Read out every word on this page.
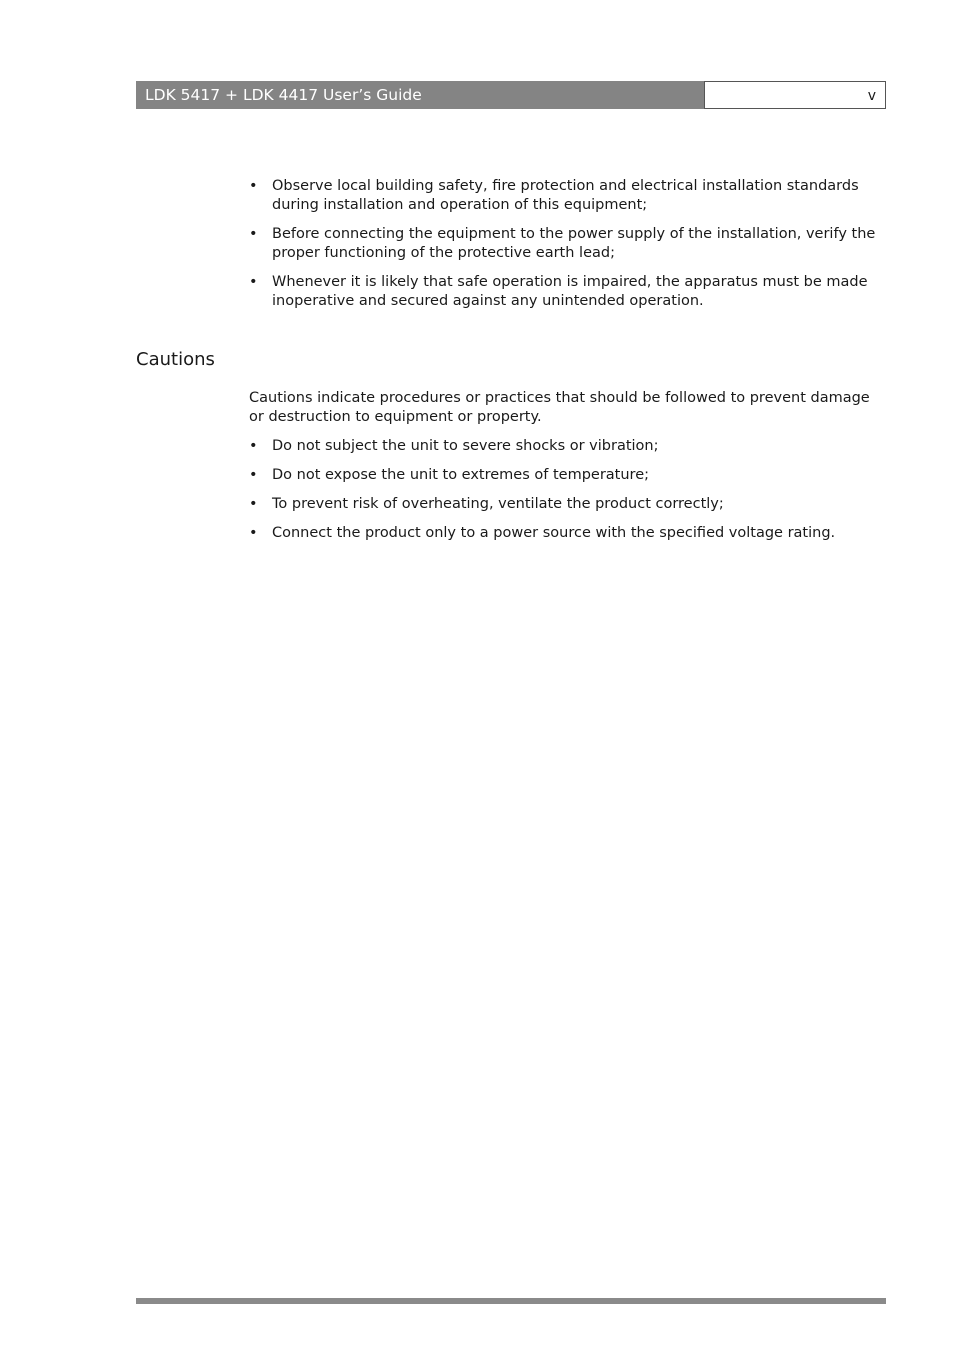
LDK 5417 + LDK 4417 User’s Guide	v
• Observe local building safety, fire protection and electrical installation standards during installation and operation of this equipment;
• Before connecting the equipment to the power supply of the installation, verify the proper functioning of the protective earth lead;
• Whenever it is likely that safe operation is impaired, the apparatus must be made inoperative and secured against any unintended operation.
Cautions

Cautions indicate procedures or practices that should be followed to prevent damage or destruction to equipment or property.

• Do not subject the unit to severe shocks or vibration;
• Do not expose the unit to extremes of temperature;
• To prevent risk of overheating, ventilate the product correctly;
• Connect the product only to a power source with the specified voltage rating.
